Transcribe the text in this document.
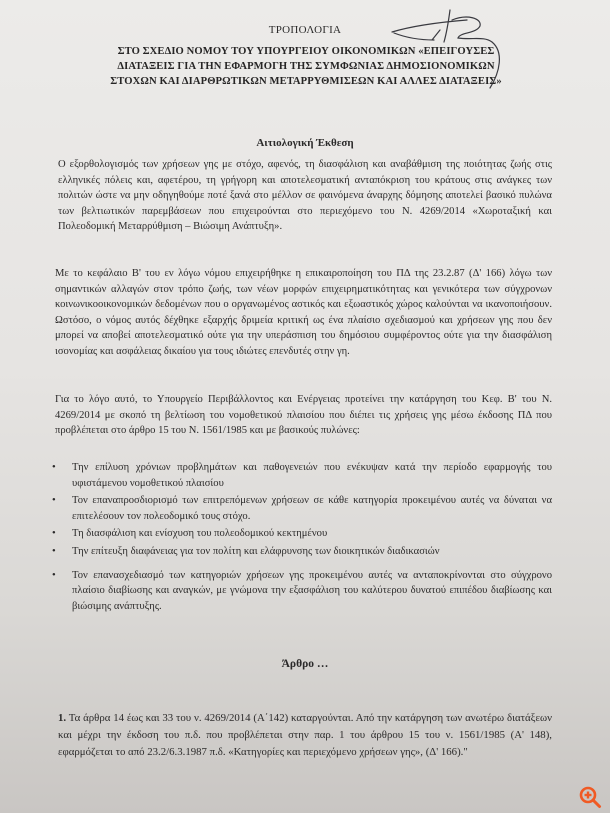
ΤΡΟΠΟΛΟΓΙΑ
ΣΤΟ ΣΧΕΔΙΟ ΝΟΜΟΥ ΤΟΥ ΥΠΟΥΡΓΕΙΟΥ ΟΙΚΟΝΟΜΙΚΩΝ «ΕΠΕΙΓΟΥΣΕΣ
ΔΙΑΤΑΞΕΙΣ ΓΙΑ ΤΗΝ ΕΦΑΡΜΟΓΗ ΤΗΣ ΣΥΜΦΩΝΙΑΣ ΔΗΜΟΣΙΟΝΟΜΙΚΩΝ
ΣΤΟΧΩΝ ΚΑΙ ΔΙΑΡΘΡΩΤΙΚΩΝ ΜΕΤΑΡΡΥΘΜΙΣΕΩΝ ΚΑΙ ΑΛΛΕΣ ΔΙΑΤΑΞΕΙΣ»
Αιτιολογική Έκθεση

Ο εξορθολογισμός των χρήσεων γης με στόχο, αφενός, τη διασφάλιση και αναβάθμιση της ποιότητας ζωής στις ελληνικές πόλεις και, αφετέρου, τη γρήγορη και αποτελεσματική ανταπόκριση του κράτους στις ανάγκες των πολιτών ώστε να μην οδηγηθούμε ποτέ ξανά στο μέλλον σε φαινόμενα άναρχης δόμησης αποτελεί βασικό πυλώνα των βελτιωτικών παρεμβάσεων που επιχειρούνται στο περιεχόμενο του Ν. 4269/2014 «Χωροταξική και Πολεοδομική Μεταρρύθμιση – Βιώσιμη Ανάπτυξη».

Με το κεφάλαιο Β' του εν λόγω νόμου επιχειρήθηκε η επικαιροποίηση του ΠΔ της 23.2.87 (Δ' 166) λόγω των σημαντικών αλλαγών στον τρόπο ζωής, των νέων μορφών επιχειρηματικότητας και γενικότερα των σύγχρονων κοινωνικοοικονομικών δεδομένων που ο οργανωμένος αστικός και εξωαστικός χώρος καλούνται να ικανοποιήσουν. Ωστόσο, ο νόμος αυτός δέχθηκε εξαρχής δριμεία κριτική ως ένα πλαίσιο σχεδιασμού και χρήσεων γης που δεν μπορεί να αποβεί αποτελεσματικό ούτε για την υπεράσπιση του δημόσιου συμφέροντος ούτε για την διασφάλιση ισονομίας και ασφάλειας δικαίου για τους ιδιώτες επενδυτές στην γη.

Για το λόγο αυτό, το Υπουργείο Περιβάλλοντος και Ενέργειας προτείνει την κατάργηση του Κεφ. Β' του Ν. 4269/2014 με σκοπό τη βελτίωση του νομοθετικού πλαισίου που διέπει τις χρήσεις γης μέσω έκδοσης ΠΔ που προβλέπεται στο άρθρο 15 του Ν. 1561/1985 και με βασικούς πυλώνες:

• Την επίλυση χρόνιων προβλημάτων και παθογενειών που ενέκυψαν κατά την περίοδο εφαρμογής του υφιστάμενου νομοθετικού πλαισίου
• Τον επαναπροσδιορισμό των επιτρεπόμενων χρήσεων σε κάθε κατηγορία προκειμένου αυτές να δύναται να επιτελέσουν τον πολεοδομικό τους στόχο.
• Τη διασφάλιση και ενίσχυση του πολεοδομικού κεκτημένου
• Την επίτευξη διαφάνειας για τον πολίτη και ελάφρυνσης των διοικητικών διαδικασιών
• Τον επανασχεδιασμό των κατηγοριών χρήσεων γης προκειμένου αυτές να ανταποκρίνονται στο σύγχρονο πλαίσιο διαβίωσης και αναγκών, με γνώμονα την εξασφάλιση του καλύτερου δυνατού επιπέδου διαβίωσης και βιώσιμης ανάπτυξης.
Άρθρο …

1. Τα άρθρα 14 έως και 33 του ν. 4269/2014 (Α΄142) καταργούνται. Από την κατάργηση των ανωτέρω διατάξεων και μέχρι την έκδοση του π.δ. που προβλέπεται στην παρ. 1 του άρθρου 15 του ν. 1561/1985 (Α' 148), εφαρμόζεται το από 23.2/6.3.1987 π.δ. «Κατηγορίες και περιεχόμενο χρήσεων γης», (Δ' 166)."
